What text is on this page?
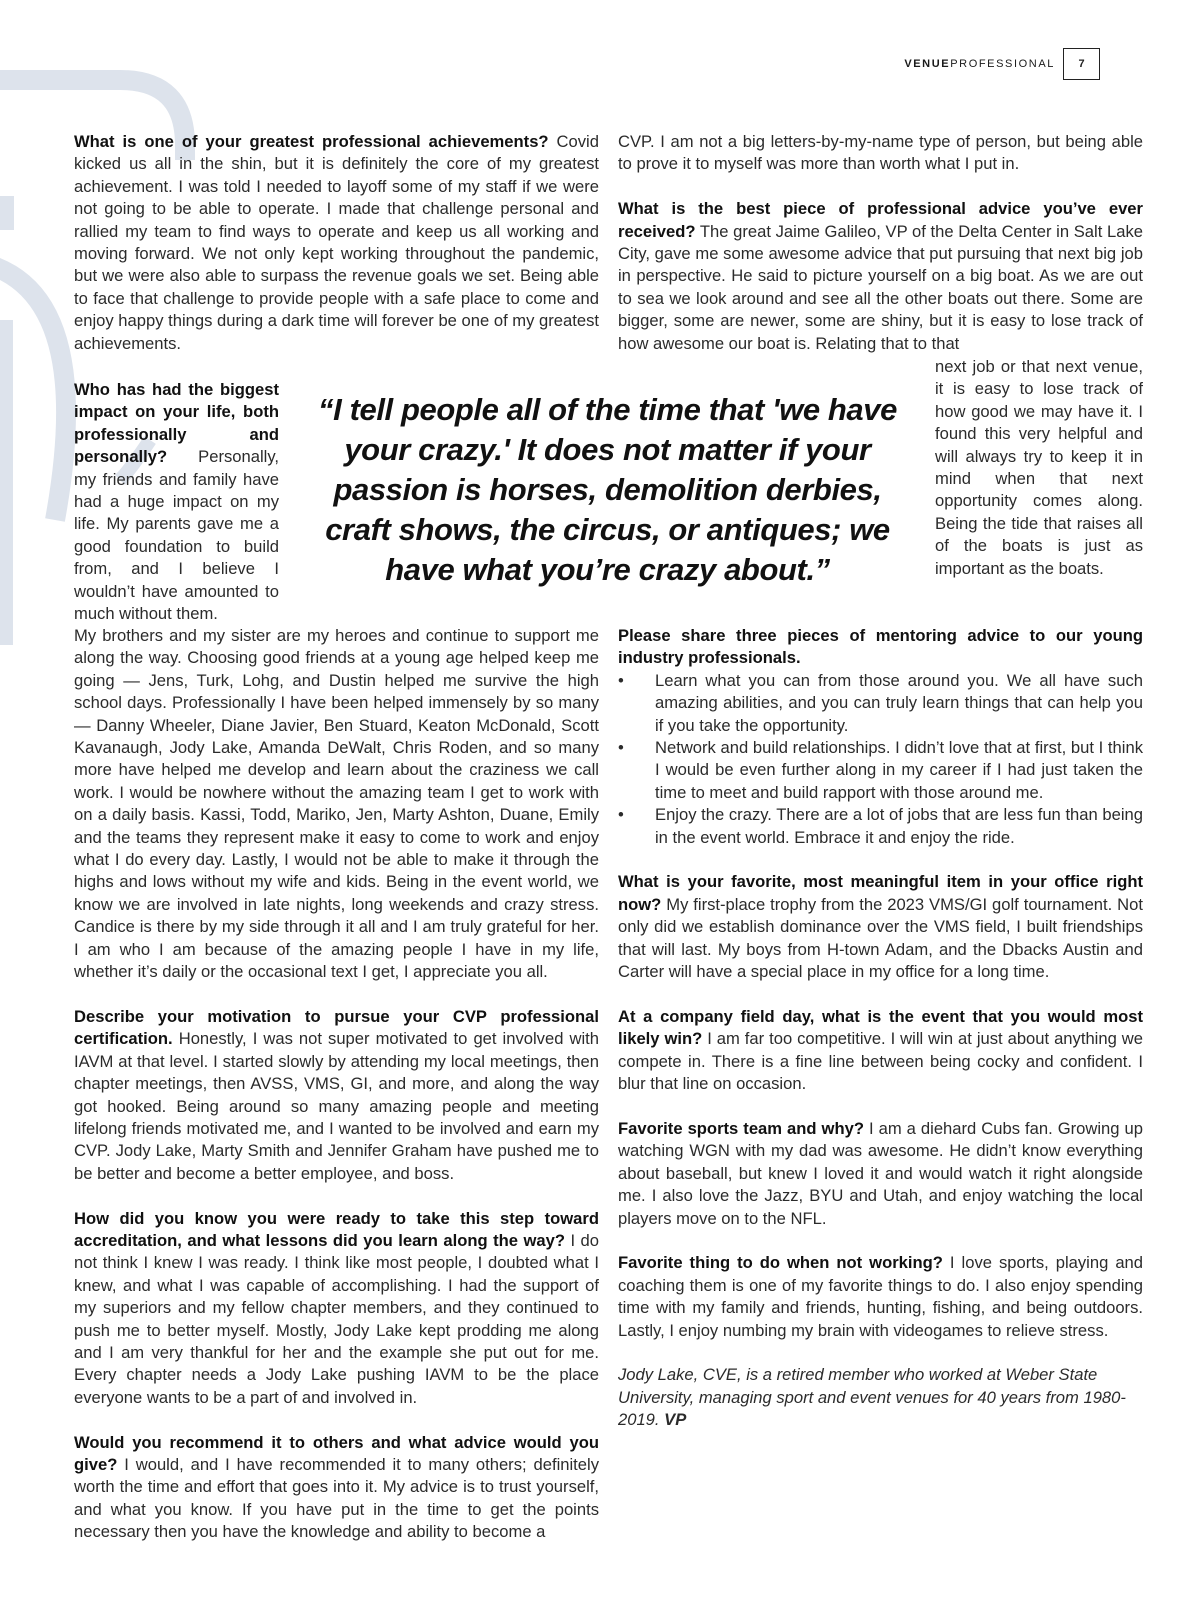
VENUEPROFESSIONAL	7

What is one of your greatest professional achievements? Covid kicked us all in the shin, but it is definitely the core of my greatest achievement. I was told I needed to layoff some of my staff if we were not going to be able to operate. I made that challenge personal and rallied my team to find ways to operate and keep us all working and moving forward. We not only kept working throughout the pandemic, but we were also able to surpass the revenue goals we set. Being able to face that challenge to provide people with a safe place to come and enjoy happy things during a dark time will forever be one of my greatest achievements.

CVP. I am not a big letters-by-my-name type of person, but being able to prove it to myself was more than worth what I put in.

What is the best piece of professional advice you’ve ever received? The great Jaime Galileo, VP of the Delta Center in Salt Lake City, gave me some awesome advice that put pursuing that next big job in perspective. He said to picture yourself on a big boat. As we are out to sea we look around and see all the other boats out there. Some are bigger, some are newer, some are shiny, but it is easy to lose track of how awesome our boat is. Relating that to that

Who has had the biggest impact on your life, both professionally and personally? Personally, my friends and family have had a huge impact on my life. My parents gave me a good foundation to build from, and I believe I wouldn’t have amounted to much without them.
“I tell people all of the time that 'we have your crazy.' It does not matter if your passion is horses, demolition derbies, craft shows, the circus, or antiques; we have what you’re crazy about.”
next job or that next venue, it is easy to lose track of how good we may have it. I found this very helpful and will always try to keep it in mind when that next opportunity comes along. Being the tide that raises all of the boats is just as important as the boats.

My brothers and my sister are my heroes and continue to support me along the way. Choosing good friends at a young age helped keep me going — Jens, Turk, Lohg, and Dustin helped me survive the high school days. Professionally I have been helped immensely by so many — Danny Wheeler, Diane Javier, Ben Stuard, Keaton McDonald, Scott Kavanaugh, Jody Lake, Amanda DeWalt, Chris Roden, and so many more have helped me develop and learn about the craziness we call work. I would be nowhere without the amazing team I get to work with on a daily basis. Kassi, Todd, Mariko, Jen, Marty Ashton, Duane, Emily and the teams they represent make it easy to come to work and enjoy what I do every day. Lastly, I would not be able to make it through the highs and lows without my wife and kids. Being in the event world, we know we are involved in late nights, long weekends and crazy stress. Candice is there by my side through it all and I am truly grateful for her. I am who I am because of the amazing people I have in my life, whether it’s daily or the occasional text I get, I appreciate you all.

Describe your motivation to pursue your CVP professional certification. Honestly, I was not super motivated to get involved with IAVM at that level. I started slowly by attending my local meetings, then chapter meetings, then AVSS, VMS, GI, and more, and along the way got hooked. Being around so many amazing people and meeting lifelong friends motivated me, and I wanted to be involved and earn my CVP. Jody Lake, Marty Smith and Jennifer Graham have pushed me to be better and become a better employee, and boss.

How did you know you were ready to take this step toward accreditation, and what lessons did you learn along the way? I do not think I knew I was ready. I think like most people, I doubted what I knew, and what I was capable of accomplishing. I had the support of my superiors and my fellow chapter members, and they continued to push me to better myself. Mostly, Jody Lake kept prodding me along and I am very thankful for her and the example she put out for me. Every chapter needs a Jody Lake pushing IAVM to be the place everyone wants to be a part of and involved in.

Would you recommend it to others and what advice would you give? I would, and I have recommended it to many others; definitely worth the time and effort that goes into it. My advice is to trust yourself, and what you know. If you have put in the time to get the points necessary then you have the knowledge and ability to become a

Please share three pieces of mentoring advice to our young industry professionals.

• Learn what you can from those around you. We all have such amazing abilities, and you can truly learn things that can help you if you take the opportunity.
• Network and build relationships. I didn’t love that at first, but I think I would be even further along in my career if I had just taken the time to meet and build rapport with those around me.
• Enjoy the crazy. There are a lot of jobs that are less fun than being in the event world. Embrace it and enjoy the ride.

What is your favorite, most meaningful item in your office right now? My first-place trophy from the 2023 VMS/GI golf tournament. Not only did we establish dominance over the VMS field, I built friendships that will last. My boys from H-town Adam, and the Dbacks Austin and Carter will have a special place in my office for a long time.

At a company field day, what is the event that you would most likely win? I am far too competitive. I will win at just about anything we compete in. There is a fine line between being cocky and confident. I blur that line on occasion.

Favorite sports team and why? I am a diehard Cubs fan. Growing up watching WGN with my dad was awesome. He didn’t know everything about baseball, but knew I loved it and would watch it right alongside me. I also love the Jazz, BYU and Utah, and enjoy watching the local players move on to the NFL.

Favorite thing to do when not working? I love sports, playing and coaching them is one of my favorite things to do. I also enjoy spending time with my family and friends, hunting, fishing, and being outdoors. Lastly, I enjoy numbing my brain with videogames to relieve stress.

Jody Lake, CVE, is a retired member who worked at Weber State University, managing sport and event venues for 40 years from 1980-2019. VP
